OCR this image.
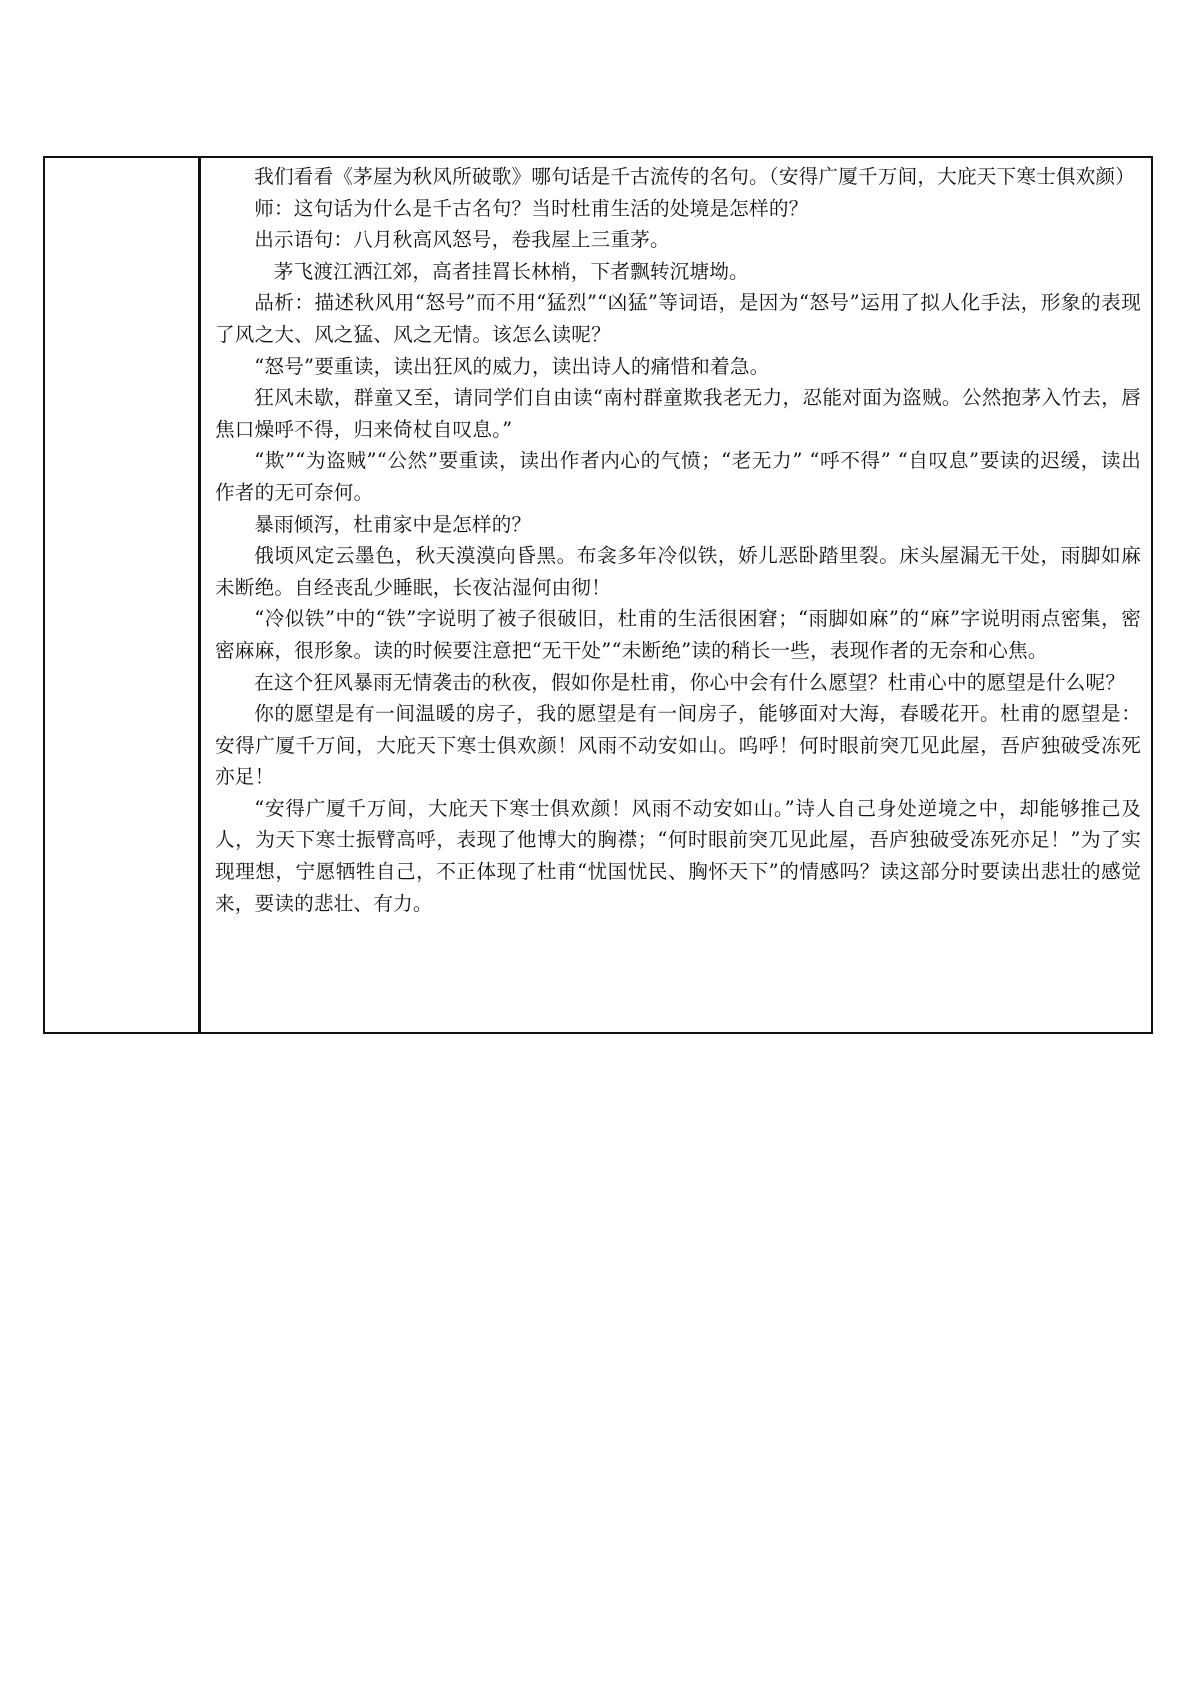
我们看看《茅屋为秋风所破歌》哪句话是千古流传的名句。（安得广厦千万间，大庇天下寒士俱欢颜）

师：这句话为什么是千古名句？当时杜甫生活的处境是怎样的？

出示语句：八月秋高风怒号，卷我屋上三重茅。

茅飞渡江洒江郊，高者挂罥长林梢，下者飘转沉塘坳。

品析：描述秋风用“怒号”而不用“猛烈”“凶猛”等词语，是因为“怒号”运用了拟人化手法，形象的表现了风之大、风之猛、风之无情。该怎么读呢？

“怒号”要重读，读出狂风的威力，读出诗人的痛惜和着急。

狂风未歇，群童又至，请同学们自由读“南村群童欺我老无力，忍能对面为盗贼。公然抱茅入竹去，唇焦口燥呼不得，归来倚杖自叹息。”

“欺”“为盗贼”“公然”要重读，读出作者内心的气愤；“老无力” “呼不得” “自叹息”要读的迟缓，读出作者的无可奈何。

暴雨倾泻，杜甫家中是怎样的？

俄顷风定云墨色，秋天漠漠向昏黑。布衾多年冷似铁，娇儿恶卧踏里裂。床头屋漏无干处，雨脚如麻未断绝。自经丧乱少睡眠，长夜沾湿何由彻！

“冷似铁”中的“铁”字说明了被子很破旧，杜甫的生活很困窘；“雨脚如麻”的“麻”字说明雨点密集，密密麻麻，很形象。读的时候要注意把“无干处”“未断绝”读的稍长一些，表现作者的无奈和心焦。

在这个狂风暴雨无情袭击的秋夜，假如你是杜甫，你心中会有什么愿望？杜甫心中的愿望是什么呢？

你的愿望是有一间温暖的房子，我的愿望是有一间房子，能够面对大海，春暖花开。杜甫的愿望是：安得广厦千万间，大庇天下寒士俱欢颜！风雨不动安如山。呜呼！何时眼前突兀见此屋，吾庐独破受冻死亦足！

“安得广厦千万间，大庇天下寒士俱欢颜！风雨不动安如山。”诗人自己身处逆境之中，却能够推己及人，为天下寒士振臂高呼，表现了他博大的胸襟；“何时眼前突兀见此屋，吾庐独破受冻死亦足！”为了实现理想，宁愿牺牲自己，不正体现了杜甫“忧国忧民、胸怀天下”的情感吗？读这部分时要读出悲壮的感觉来，要读的悲壮、有力。
